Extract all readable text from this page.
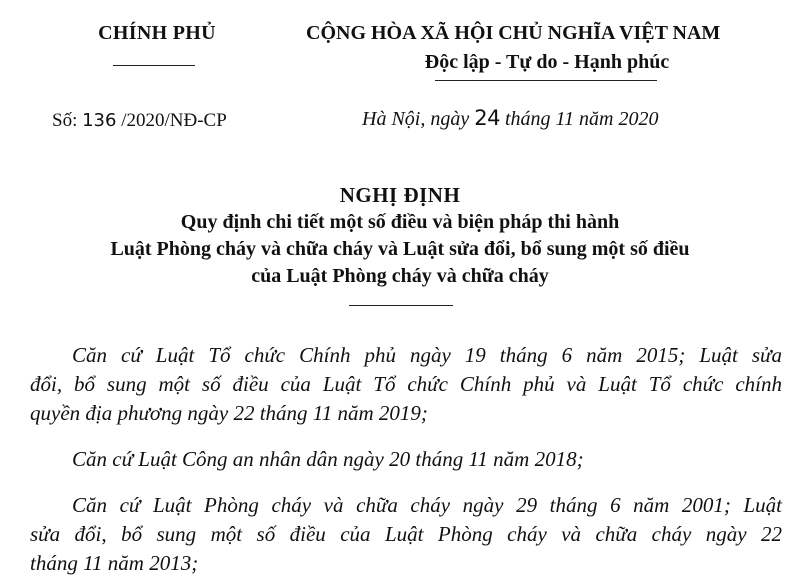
CHÍNH PHỦ	CỘNG HÒA XÃ HỘI CHỦ NGHĨA VIỆT NAM
Độc lập - Tự do - Hạnh phúc
Số: 136 /2020/NĐ-CP	Hà Nội, ngày 24 tháng 11 năm 2020
NGHỊ ĐỊNH
Quy định chi tiết một số điều và biện pháp thi hành
Luật Phòng cháy và chữa cháy và Luật sửa đổi, bổ sung một số điều
của Luật Phòng cháy và chữa cháy
Căn cứ Luật Tổ chức Chính phủ ngày 19 tháng 6 năm 2015; Luật sửa
đổi, bổ sung một số điều của Luật Tổ chức Chính phủ và Luật Tổ chức chính
quyền địa phương ngày 22 tháng 11 năm 2019;
Căn cứ Luật Công an nhân dân ngày 20 tháng 11 năm 2018;
Căn cứ Luật Phòng cháy và chữa cháy ngày 29 tháng 6 năm 2001; Luật
sửa đổi, bổ sung một số điều của Luật Phòng cháy và chữa cháy ngày 22
tháng 11 năm 2013;
